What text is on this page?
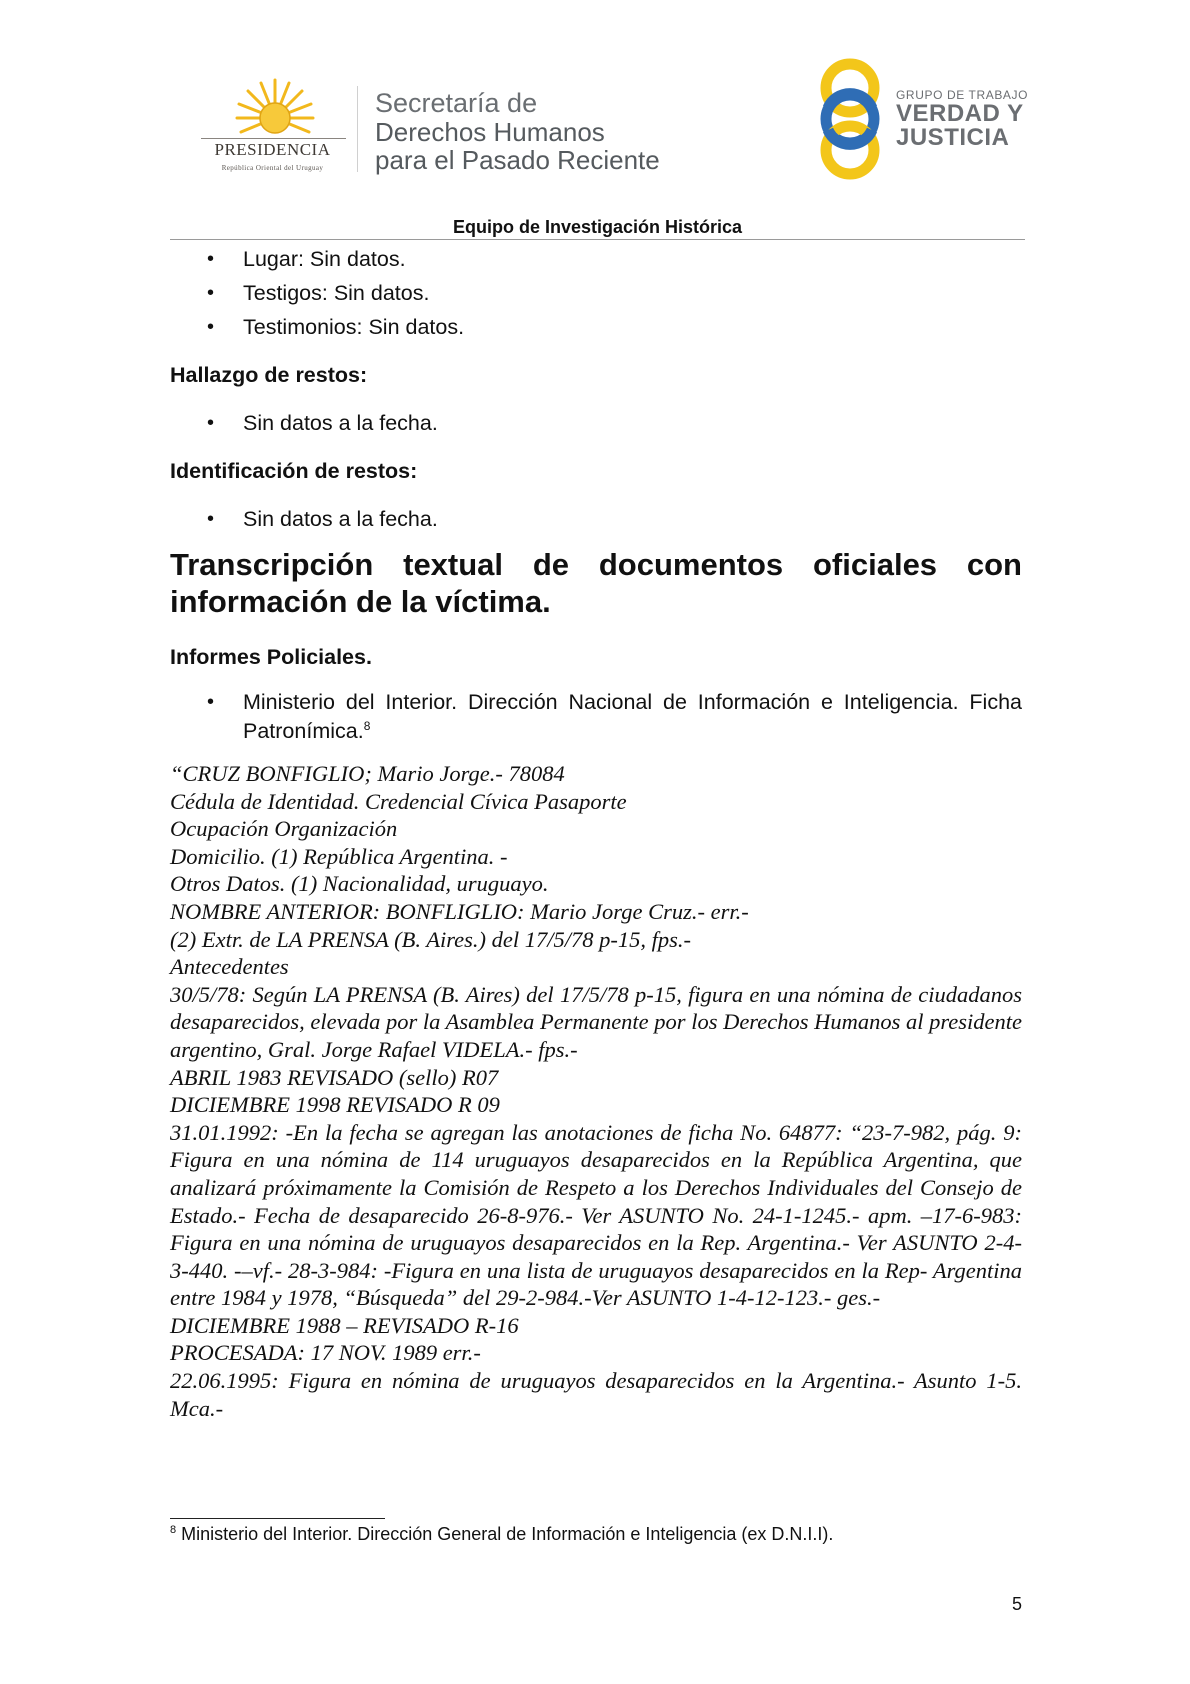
PRESIDENCIA
República Oriental del Uruguay
Secretaría de
Derechos Humanos
para el Pasado Reciente
GRUPO DE TRABAJO
VERDAD Y
JUSTICIA
Equipo de Investigación Histórica
• Lugar: Sin datos.
• Testigos: Sin datos.
• Testimonios: Sin datos.
Hallazgo de restos:
• Sin datos a la fecha.
Identificación de restos:
• Sin datos a la fecha.
Transcripción textual de documentos oficiales con información de la víctima.
Informes Policiales.
• Ministerio del Interior. Dirección Nacional de Información e Inteligencia. Ficha Patronímica.$^8$
“CRUZ BONFIGLIO; Mario Jorge.- 78084
Cédula de Identidad. Credencial Cívica Pasaporte
Ocupación Organización
Domicilio. (1) República Argentina. -
Otros Datos. (1) Nacionalidad, uruguayo.
NOMBRE ANTERIOR: BONFLIGLIO: Mario Jorge Cruz.- err.-
(2) Extr. de LA PRENSA (B. Aires.) del 17/5/78 p-15, fps.-
Antecedentes
30/5/78: Según LA PRENSA (B. Aires) del 17/5/78 p-15, figura en una nómina de ciudadanos desaparecidos, elevada por la Asamblea Permanente por los Derechos Humanos al presidente argentino, Gral. Jorge Rafael VIDELA.- fps.-
ABRIL 1983 REVISADO (sello) R07
DICIEMBRE 1998 REVISADO R 09
31.01.1992: -En la fecha se agregan las anotaciones de ficha No. 64877: “23-7-982, pág. 9: Figura en una nómina de 114 uruguayos desaparecidos en la República Argentina, que analizará próximamente la Comisión de Respeto a los Derechos Individuales del Consejo de Estado.- Fecha de desaparecido 26-8-976.- Ver ASUNTO No. 24-1-1245.- apm. –17-6-983: Figura en una nómina de uruguayos desaparecidos en la Rep. Argentina.- Ver ASUNTO 2-4-3-440. -–vf.- 28-3-984: -Figura en una lista de uruguayos desaparecidos en la Rep- Argentina entre 1984 y 1978, “Búsqueda” del 29-2-984.-Ver ASUNTO 1-4-12-123.- ges.-
DICIEMBRE 1988 – REVISADO R-16
PROCESADA: 17 NOV. 1989 err.-
22.06.1995: Figura en nómina de uruguayos desaparecidos en la Argentina.- Asunto 1-5. Mca.-
$^8$ Ministerio del Interior. Dirección General de Información e Inteligencia (ex D.N.I.I).
5
